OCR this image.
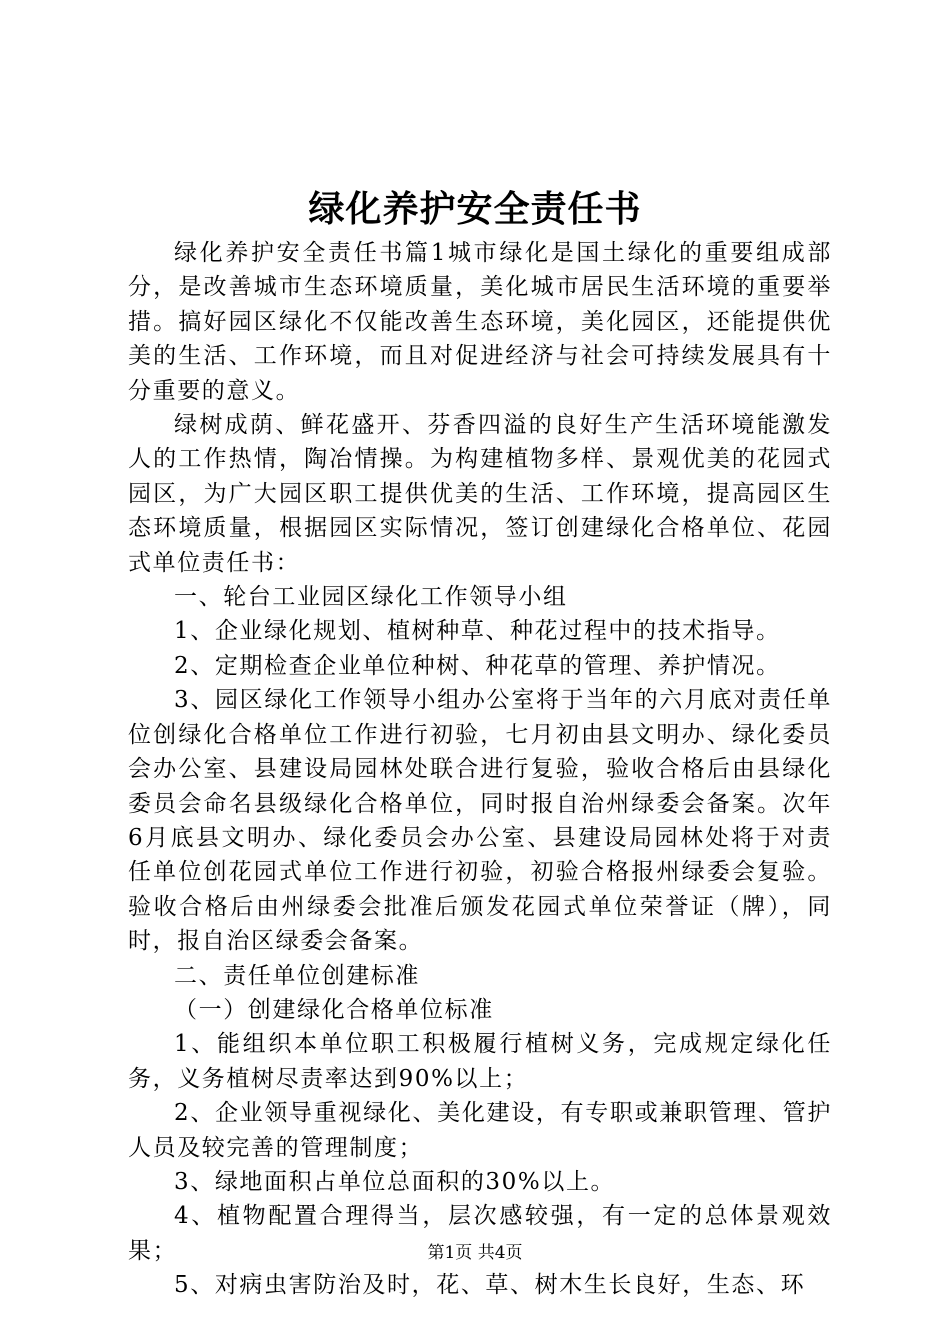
绿化养护安全责任书

绿化养护安全责任书篇1城市绿化是国土绿化的重要组成部分，是改善城市生态环境质量，美化城市居民生活环境的重要举措。搞好园区绿化不仅能改善生态环境，美化园区，还能提供优美的生活、工作环境，而且对促进经济与社会可持续发展具有十分重要的意义。

绿树成荫、鲜花盛开、芬香四溢的良好生产生活环境能激发人的工作热情，陶冶情操。为构建植物多样、景观优美的花园式园区，为广大园区职工提供优美的生活、工作环境，提高园区生态环境质量，根据园区实际情况，签订创建绿化合格单位、花园式单位责任书：

一、轮台工业园区绿化工作领导小组

1、企业绿化规划、植树种草、种花过程中的技术指导。

2、定期检查企业单位种树、种花草的管理、养护情况。

3、园区绿化工作领导小组办公室将于当年的六月底对责任单位创绿化合格单位工作进行初验，七月初由县文明办、绿化委员会办公室、县建设局园林处联合进行复验，验收合格后由县绿化委员会命名县级绿化合格单位，同时报自治州绿委会备案。次年6月底县文明办、绿化委员会办公室、县建设局园林处将于对责任单位创花园式单位工作进行初验，初验合格报州绿委会复验。验收合格后由州绿委会批准后颁发花园式单位荣誉证（牌），同时，报自治区绿委会备案。

二、责任单位创建标准

（一）创建绿化合格单位标准

1、能组织本单位职工积极履行植树义务，完成规定绿化任务，义务植树尽责率达到90%以上；

2、企业领导重视绿化、美化建设，有专职或兼职管理、管护人员及较完善的管理制度；

3、绿地面积占单位总面积的30%以上。

4、植物配置合理得当，层次感较强，有一定的总体景观效果；

5、对病虫害防治及时，花、草、树木生长良好，生态、环

第1页 共4页
